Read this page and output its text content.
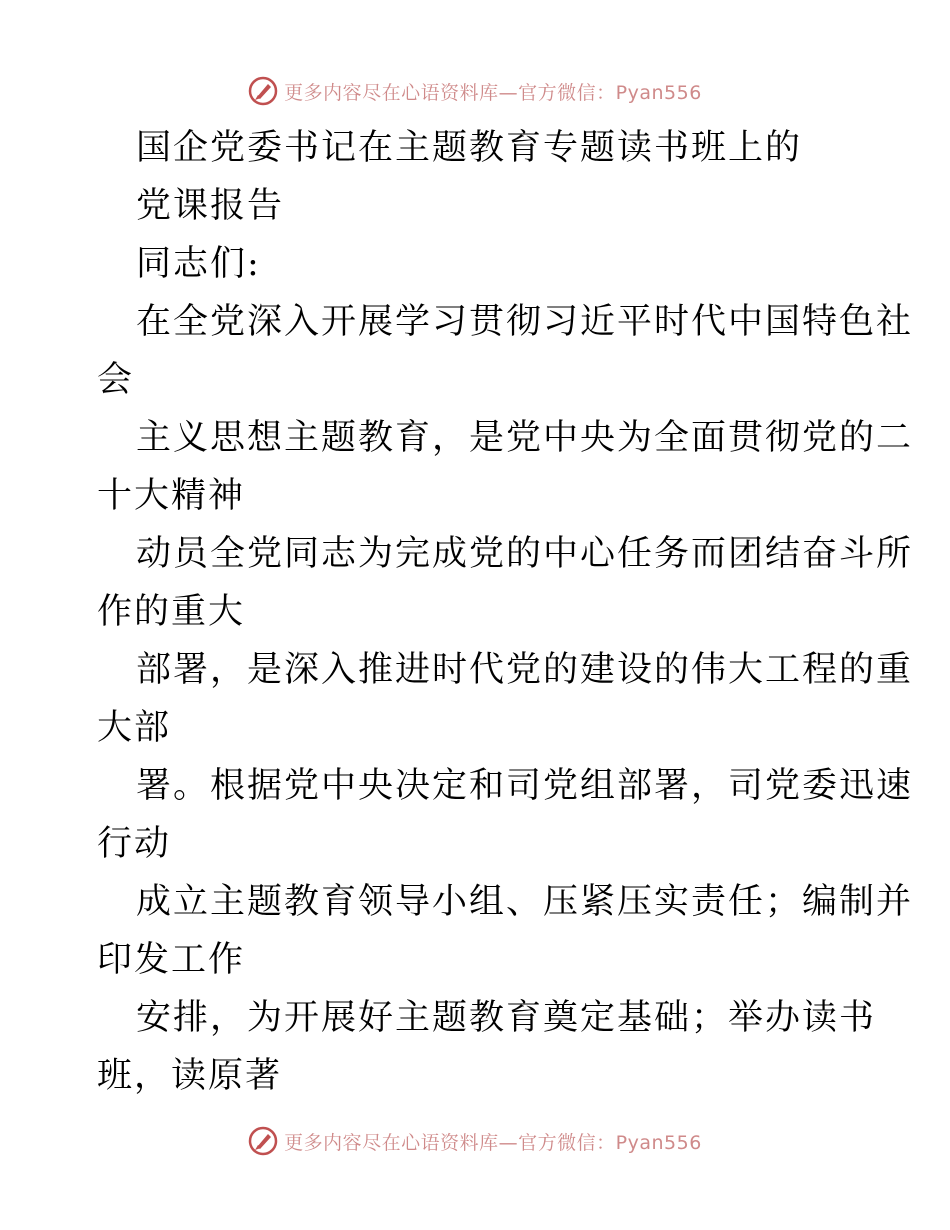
更多内容尽在心语资料库—官方微信：Pyan556
国企党委书记在主题教育专题读书班上的
党课报告
同志们:
在全党深入开展学习贯彻习近平时代中国特色社
会
主义思想主题教育，是党中央为全面贯彻党的二
十大精神
动员全党同志为完成党的中心任务而团结奋斗所
作的重大
部署，是深入推进时代党的建设的伟大工程的重
大部
署。根据党中央决定和司党组部署，司党委迅速
行动
成立主题教育领导小组、压紧压实责任；编制并
印发工作
安排，为开展好主题教育奠定基础；举办读书
班，读原著
更多内容尽在心语资料库—官方微信：Pyan556
